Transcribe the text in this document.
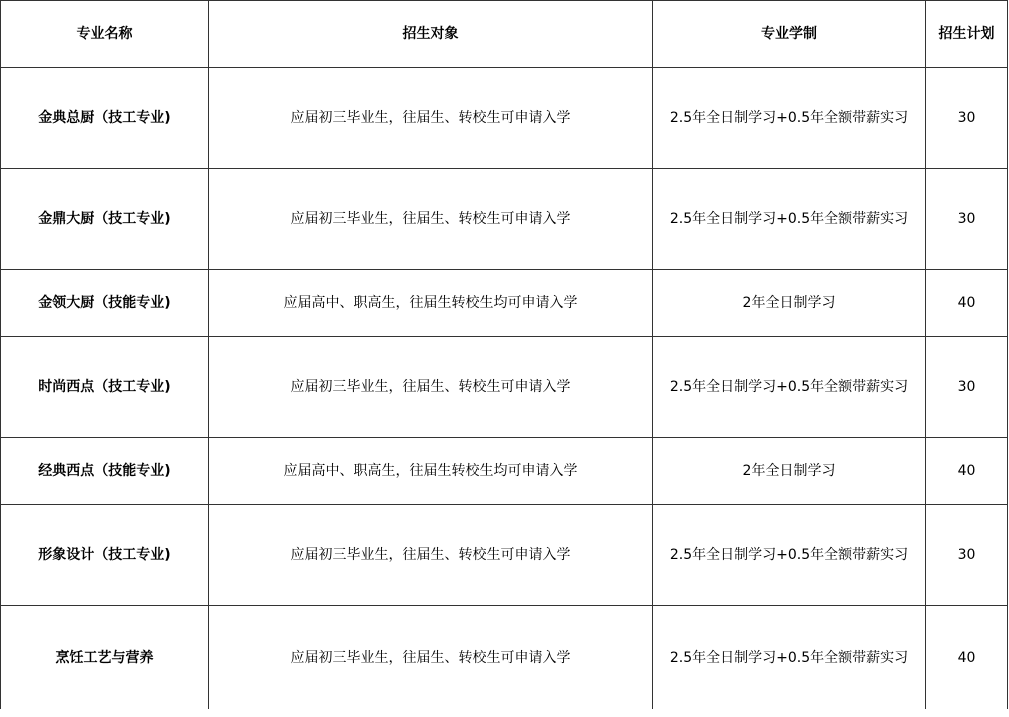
专业名称	招生对象	专业学制	招生计划
金典总厨（技工专业)	应届初三毕业生，往届生、转校生可申请入学	2.5年全日制学习+0.5年全额带薪实习	30
金鼎大厨（技工专业)	应届初三毕业生，往届生、转校生可申请入学	2.5年全日制学习+0.5年全额带薪实习	30
金领大厨（技能专业)	应届高中、职高生，往届生转校生均可申请入学	2年全日制学习	40
时尚西点（技工专业)	应届初三毕业生，往届生、转校生可申请入学	2.5年全日制学习+0.5年全额带薪实习	30
经典西点（技能专业)	应届高中、职高生，往届生转校生均可申请入学	2年全日制学习	40
形象设计（技工专业)	应届初三毕业生，往届生、转校生可申请入学	2.5年全日制学习+0.5年全额带薪实习	30
烹饪工艺与营养	应届初三毕业生，往届生、转校生可申请入学	2.5年全日制学习+0.5年全额带薪实习	40
